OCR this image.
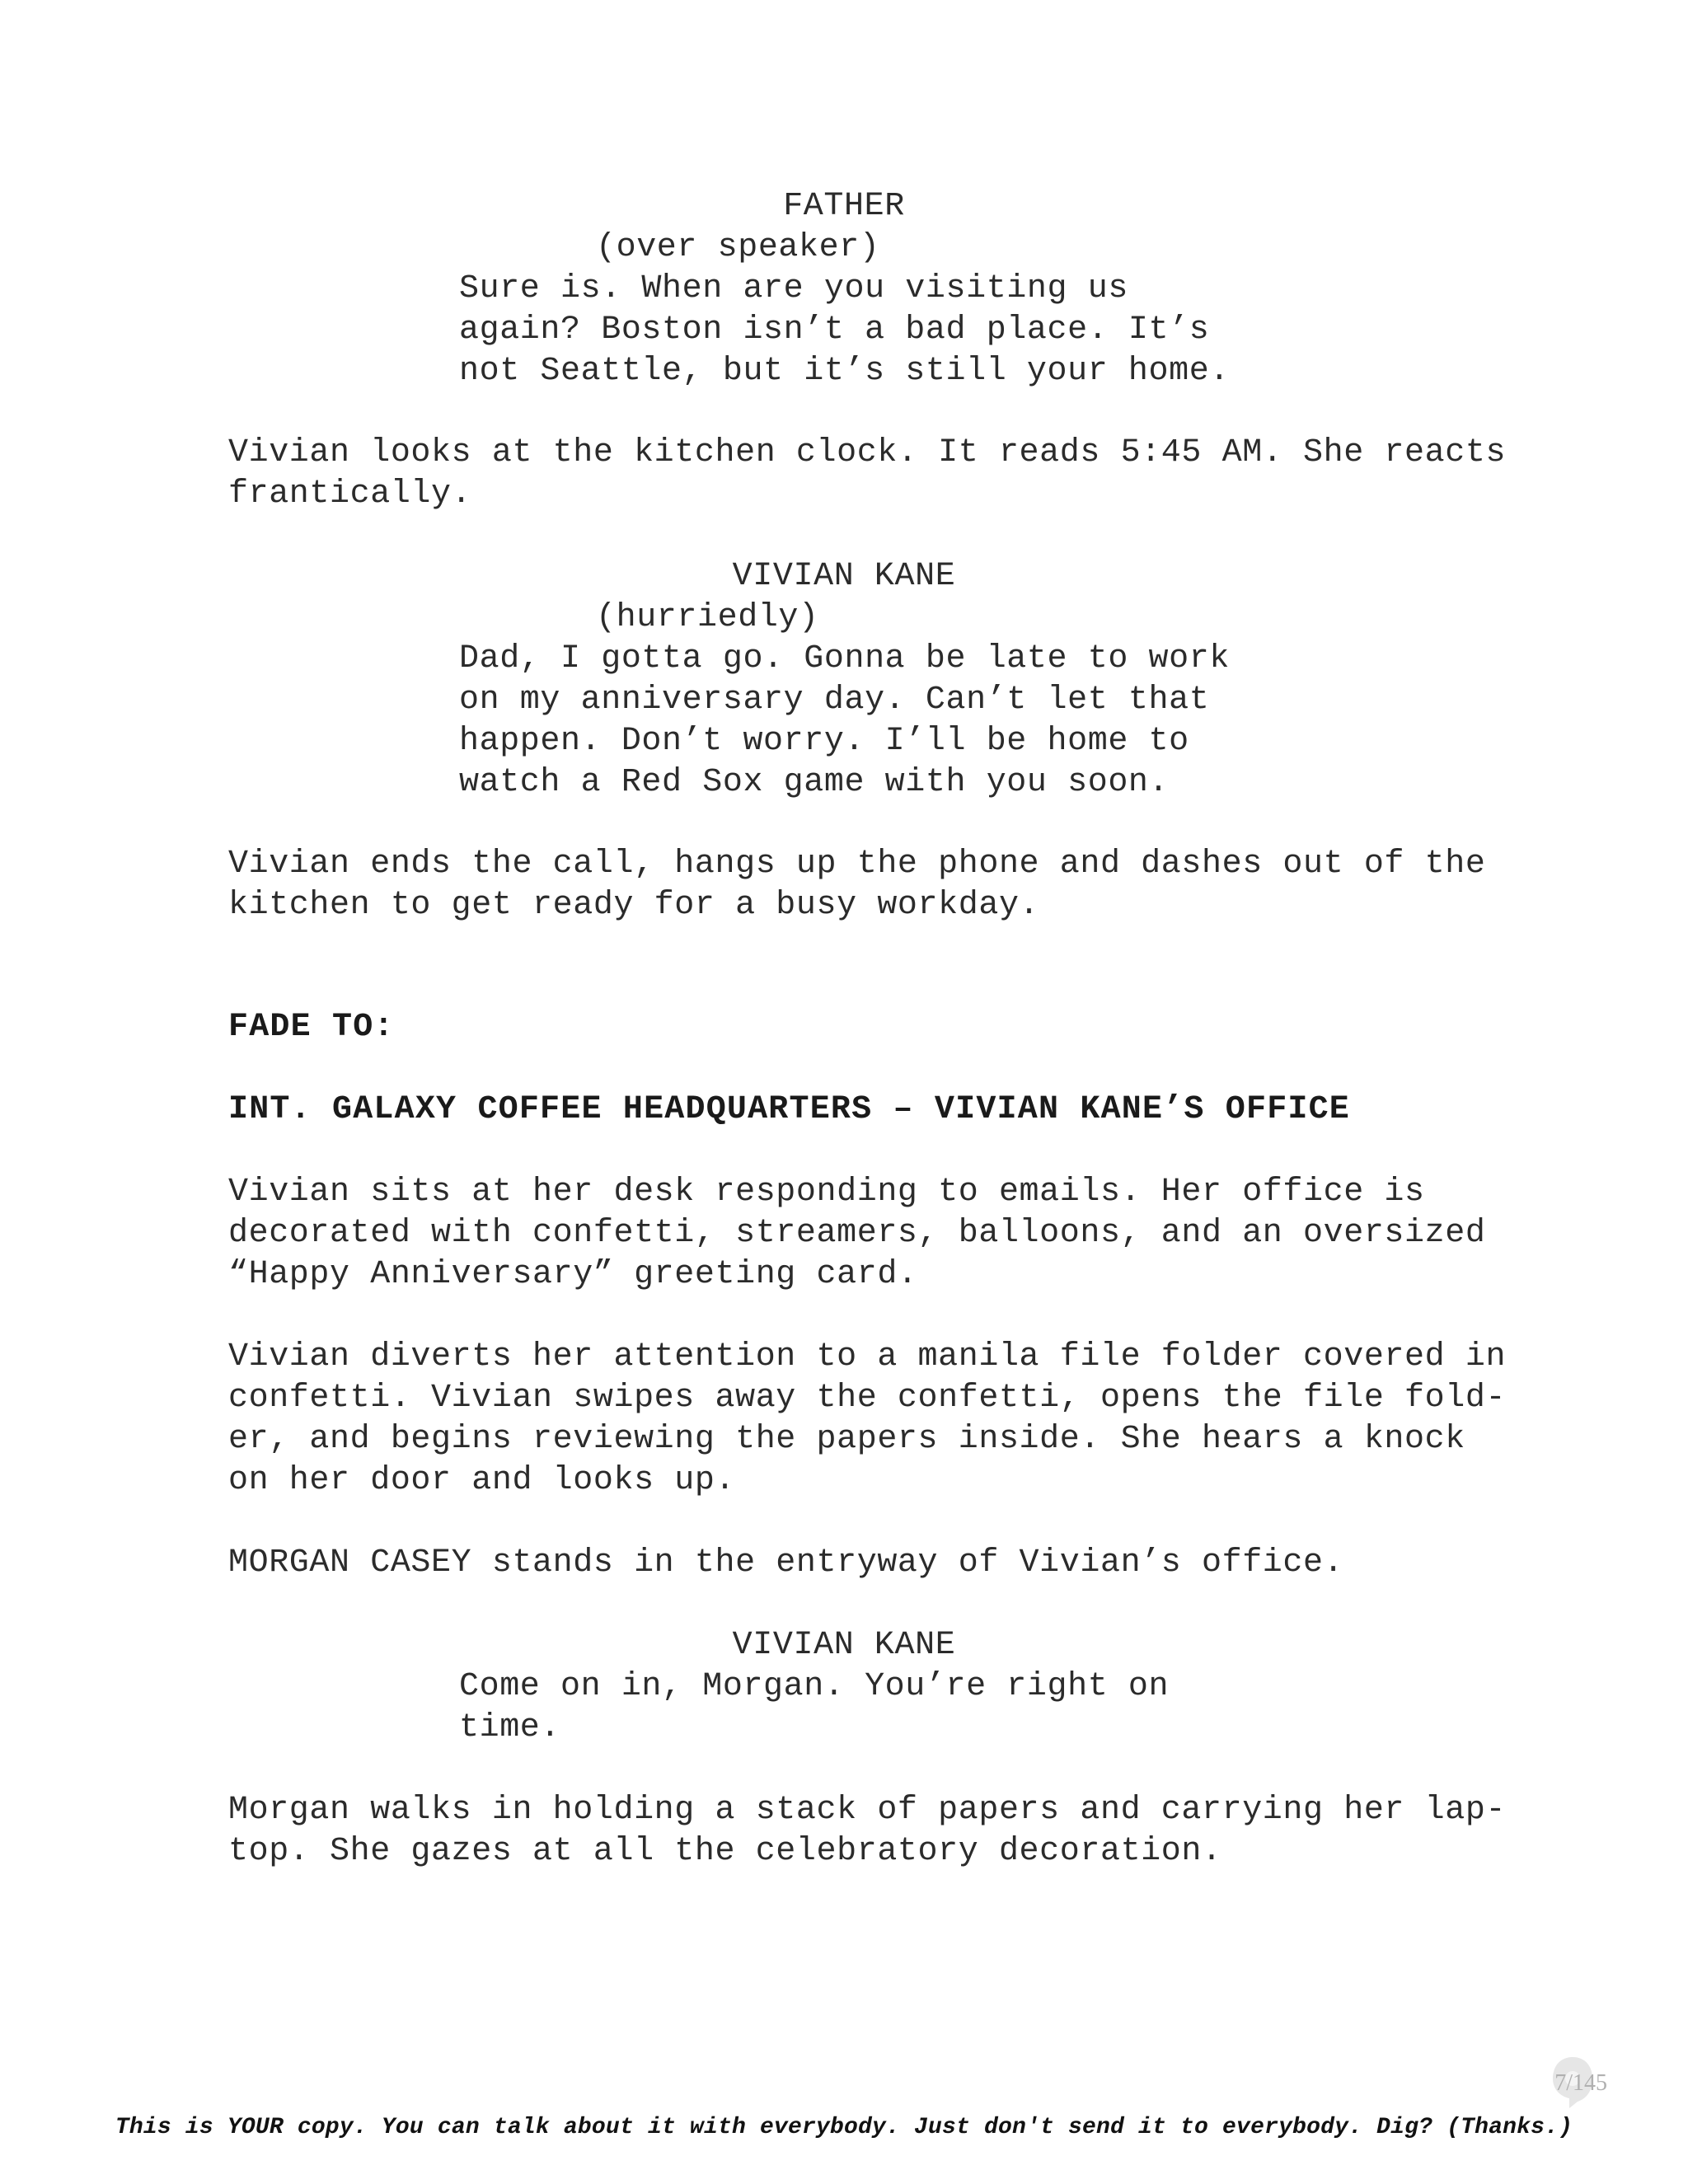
FATHER
(over speaker)
Sure is. When are you visiting us
again? Boston isn’t a bad place. It’s
not Seattle, but it’s still your home.
Vivian looks at the kitchen clock. It reads 5:45 AM. She reacts
frantically.
VIVIAN KANE
(hurriedly)
Dad, I gotta go. Gonna be late to work
on my anniversary day. Can’t let that
happen. Don’t worry. I’ll be home to
watch a Red Sox game with you soon.
Vivian ends the call, hangs up the phone and dashes out of the
kitchen to get ready for a busy workday.
FADE TO:
INT. GALAXY COFFEE HEADQUARTERS – VIVIAN KANE’S OFFICE
Vivian sits at her desk responding to emails. Her office is
decorated with confetti, streamers, balloons, and an oversized
“Happy Anniversary” greeting card.
Vivian diverts her attention to a manila file folder covered in
confetti. Vivian swipes away the confetti, opens the file fold-
er, and begins reviewing the papers inside. She hears a knock
on her door and looks up.
MORGAN CASEY stands in the entryway of Vivian’s office.
VIVIAN KANE
Come on in, Morgan. You’re right on
time.
Morgan walks in holding a stack of papers and carrying her lap-
top. She gazes at all the celebratory decoration.
7/145
This is YOUR copy. You can talk about it with everybody. Just don't send it to everybody. Dig? (Thanks.)
